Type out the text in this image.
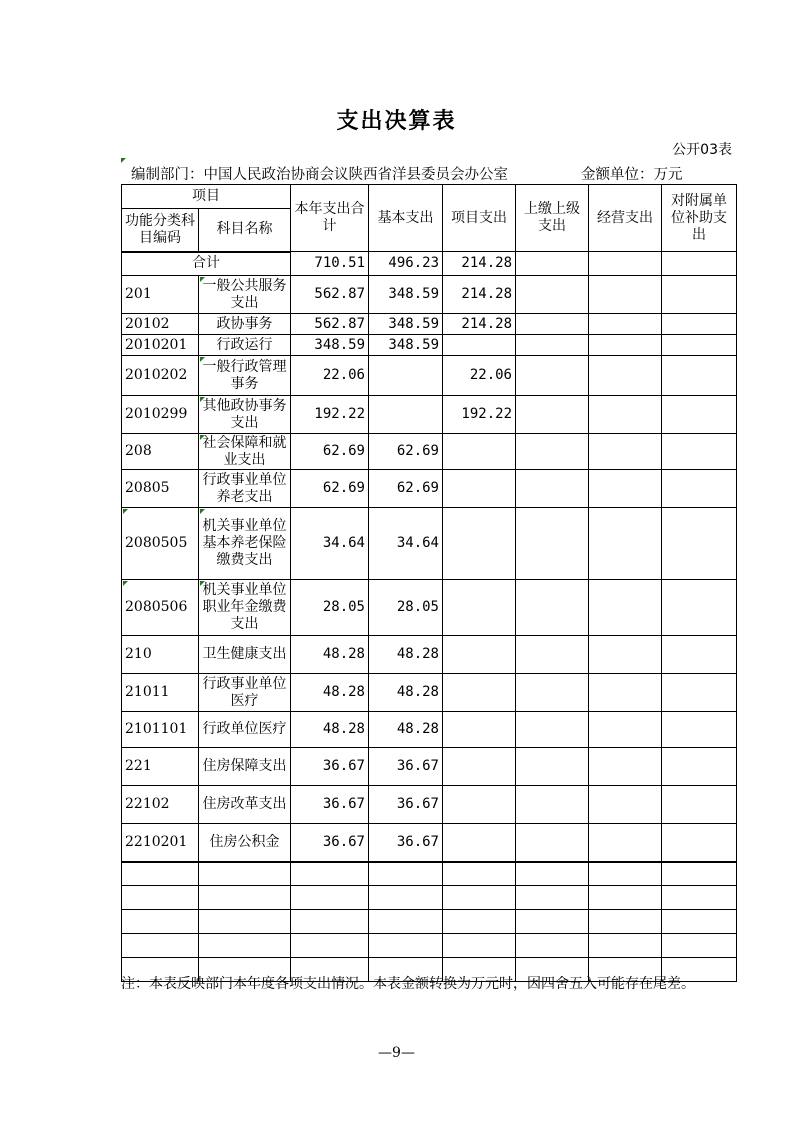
支出决算表
公开03表
编制部门：中国人民政治协商会议陕西省洋县委员会办公室	金额单位：万元
项目		本年支出合计	基本支出	项目支出	上缴上级支出	经营支出	对附属单位补助支出
功能分类科目编码	科目名称						
合计		710.51	496.23	214.28			
201	一般公共服务支出	562.87	348.59	214.28			
20102	政协事务	562.87	348.59	214.28			
2010201	行政运行	348.59	348.59				
2010202	一般行政管理事务	22.06		22.06			
2010299	其他政协事务支出	192.22		192.22			
208	社会保障和就业支出	62.69	62.69				
20805	行政事业单位养老支出	62.69	62.69				

2080505	机关事业单位基本养老保险缴费支出	34.64	34.64				

2080506	机关事业单位职业年金缴费支出	28.05	28.05				
210	卫生健康支出	48.28	48.28				
21011	行政事业单位医疗	48.28	48.28				
2101101	行政单位医疗	48.28	48.28				
221	住房保障支出	36.67	36.67				
22102	住房改革支出	36.67	36.67				
2210201	住房公积金	36.67	36.67				

注：本表反映部门本年度各项支出情况。本表金额转换为万元时，因四舍五入可能存在尾差。
—9—
